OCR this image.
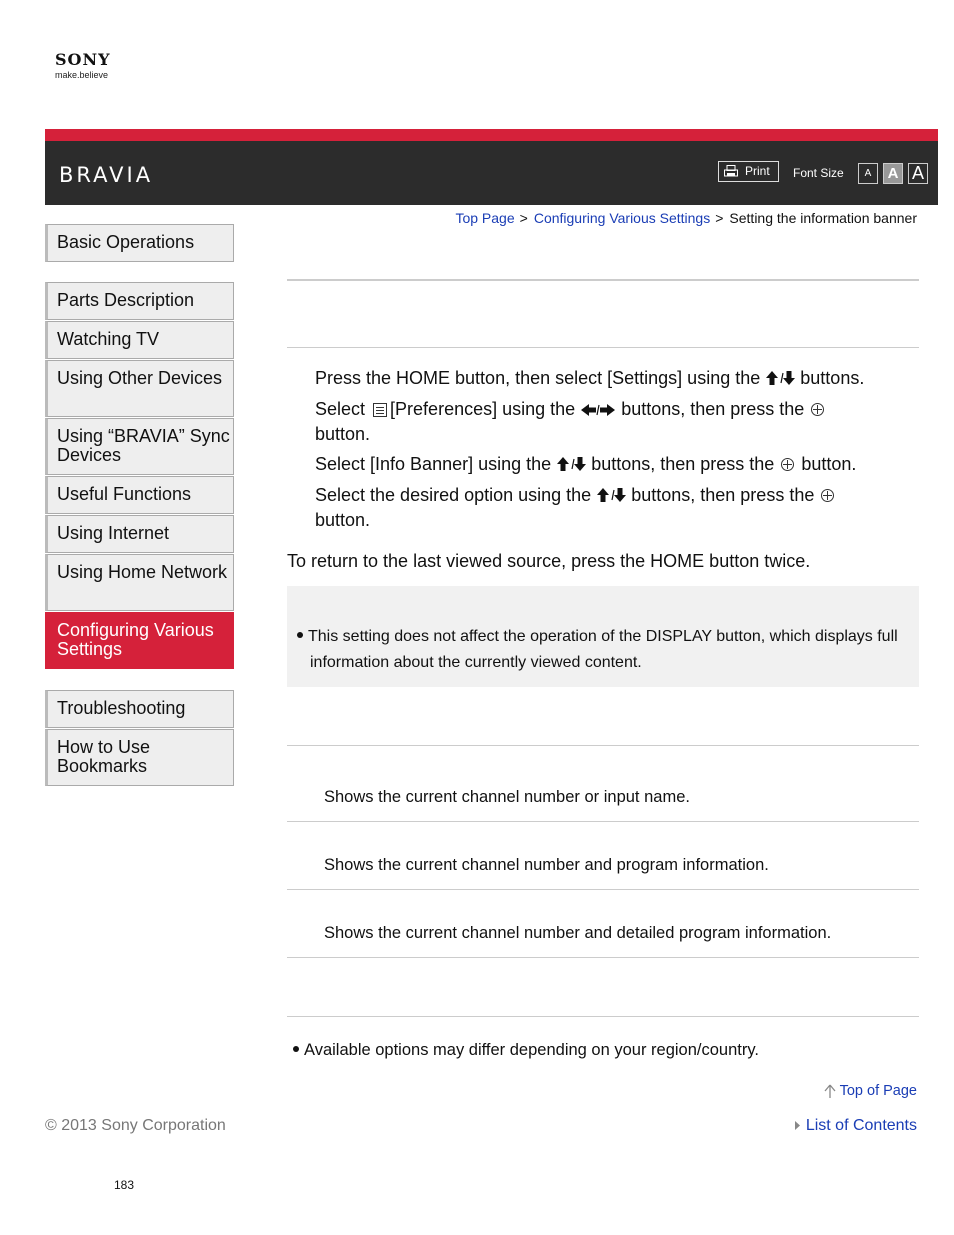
SONY
make.believe
BRAVIA	Print	Font Size	A	A A
Top Page > Configuring Various Settings > Setting the information banner
Basic Operations
Parts Description
Watching TV
Using Other Devices
Using “BRAVIA” Sync Devices
Useful Functions
Using Internet
Using Home Network
Configuring Various Settings
Troubleshooting
How to Use Bookmarks
Press the HOME button, then select [Settings] using the buttons.
Select [Preferences] using the	buttons, then press the
button.
Select [Info Banner] using the buttons, then press the button.
Select the desired option using the buttons, then press the
button.
To return to the last viewed source, press the HOME button twice.
This setting does not affect the operation of the DISPLAY button, which displays full information about the currently viewed content.
Shows the current channel number or input name.
Shows the current channel number and program information.
Shows the current channel number and detailed program information.
Available options may differ depending on your region/country.
Top of Page
List of Contents
© 2013 Sony Corporation
183
